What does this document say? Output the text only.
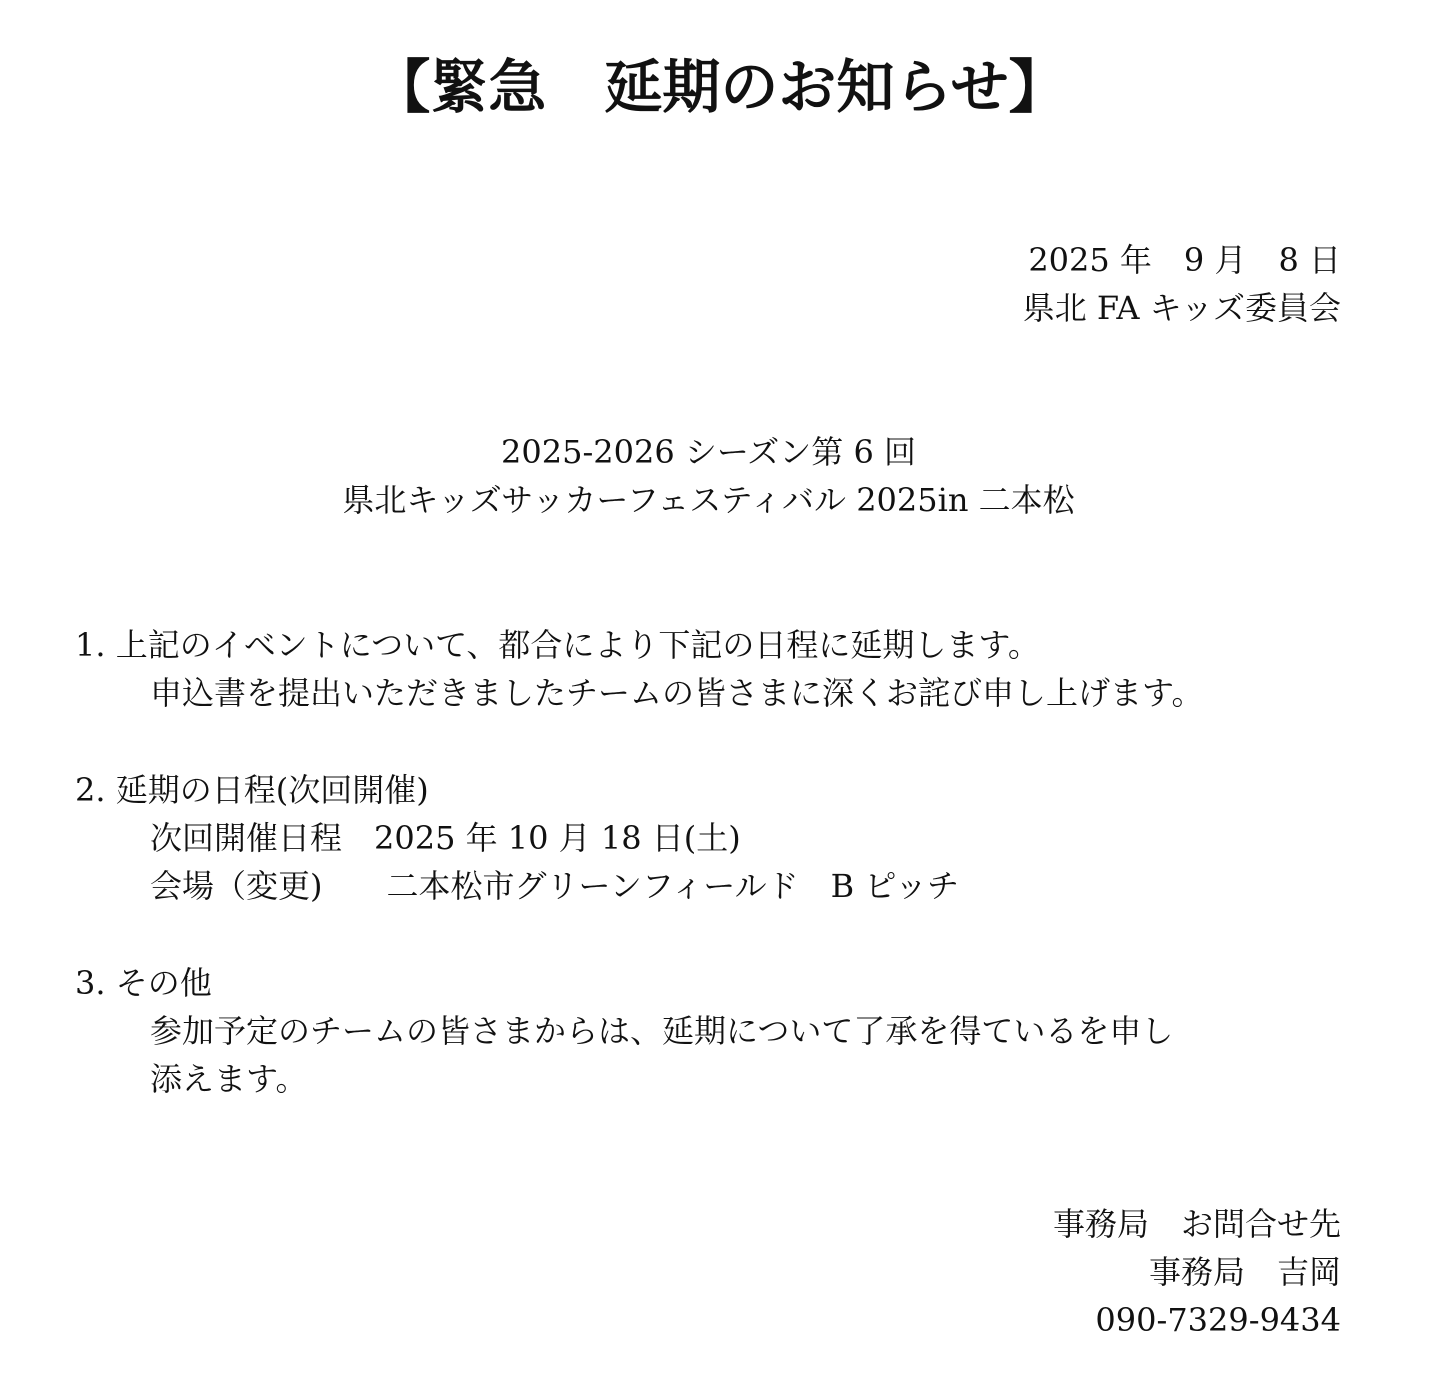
【緊急　延期のお知らせ】
2025 年　9 月　8 日
県北 FA キッズ委員会
2025-2026 シーズン第 6 回
県北キッズサッカーフェスティバル 2025in 二本松
1. 上記のイベントについて、都合により下記の日程に延期します。
申込書を提出いただきましたチームの皆さまに深くお詫び申し上げます。
2. 延期の日程(次回開催)
次回開催日程　2025 年 10 月 18 日(土)
会場（変更)　　二本松市グリーンフィールド　B ピッチ
3. その他
参加予定のチームの皆さまからは、延期について了承を得ているを申し
添えます。
事務局　お問合せ先
事務局　吉岡
090-7329-9434
